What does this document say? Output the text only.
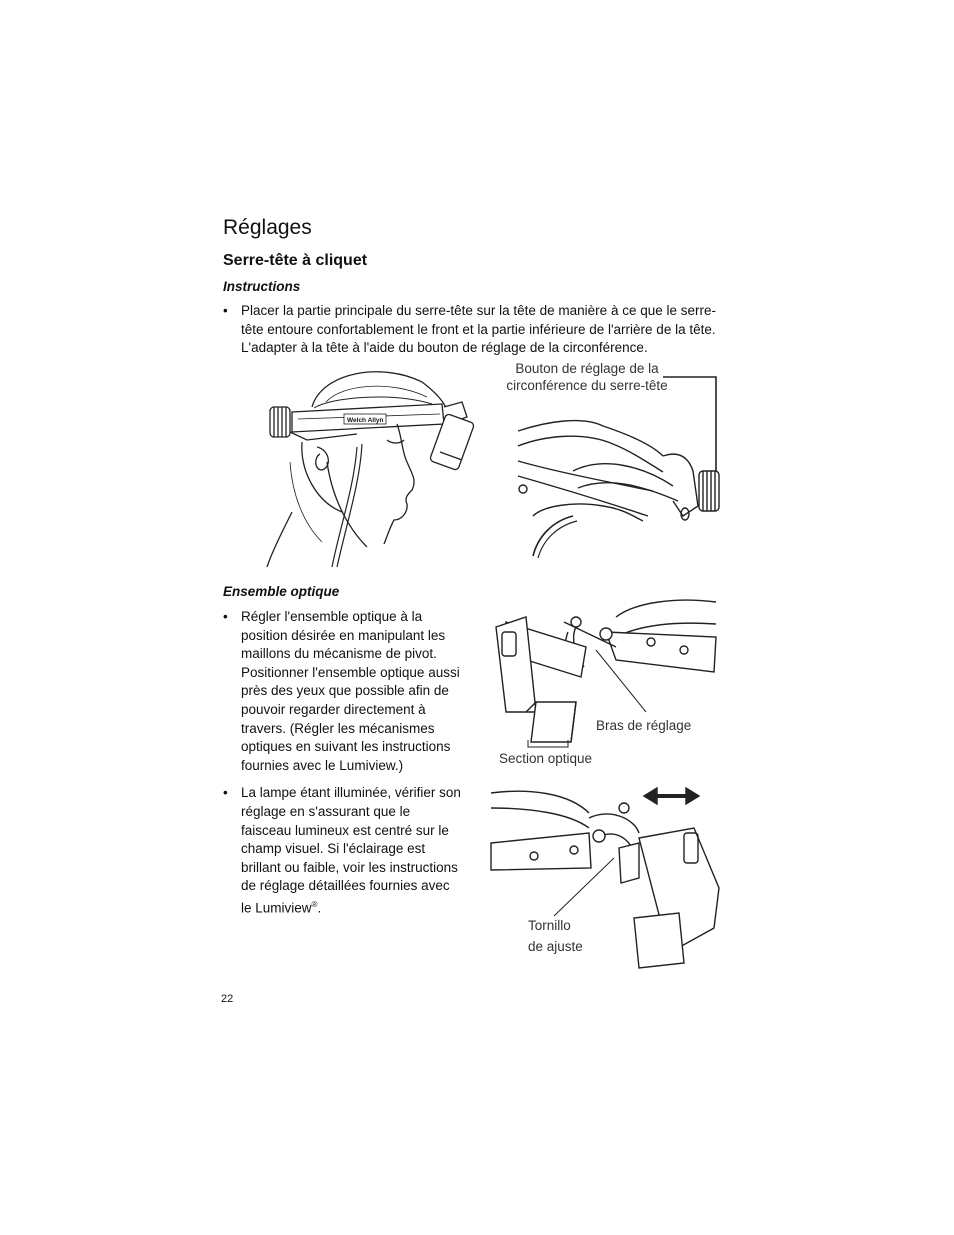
Réglages
Serre-tête à cliquet
Instructions
• Placer la partie principale du serre-tête sur la tête de manière à ce que le serre-tête entoure confortablement le front et la partie inférieure de l'arrière de la tête. L'adapter à la tête à l'aide du bouton de réglage de la circonférence.
Welch Allyn
Bouton de réglage de la
circonférence du serre-tête
Ensemble optique
• Régler l'ensemble optique à la position désirée en manipulant les maillons du mécanisme de pivot. Positionner l'ensemble optique aussi près des yeux que possible afin de pouvoir regarder directement à travers. (Régler les mécanismes optiques en suivant les instructions fournies avec le Lumiview.)
• La lampe étant illuminée, vérifier son réglage en s'assurant que le faisceau lumineux est centré sur le champ visuel. Si l'éclairage est brillant ou faible, voir les instructions de réglage détaillées fournies avec le Lumiview®.
Bras de réglage
Section optique
Tornillo
de ajuste
22
